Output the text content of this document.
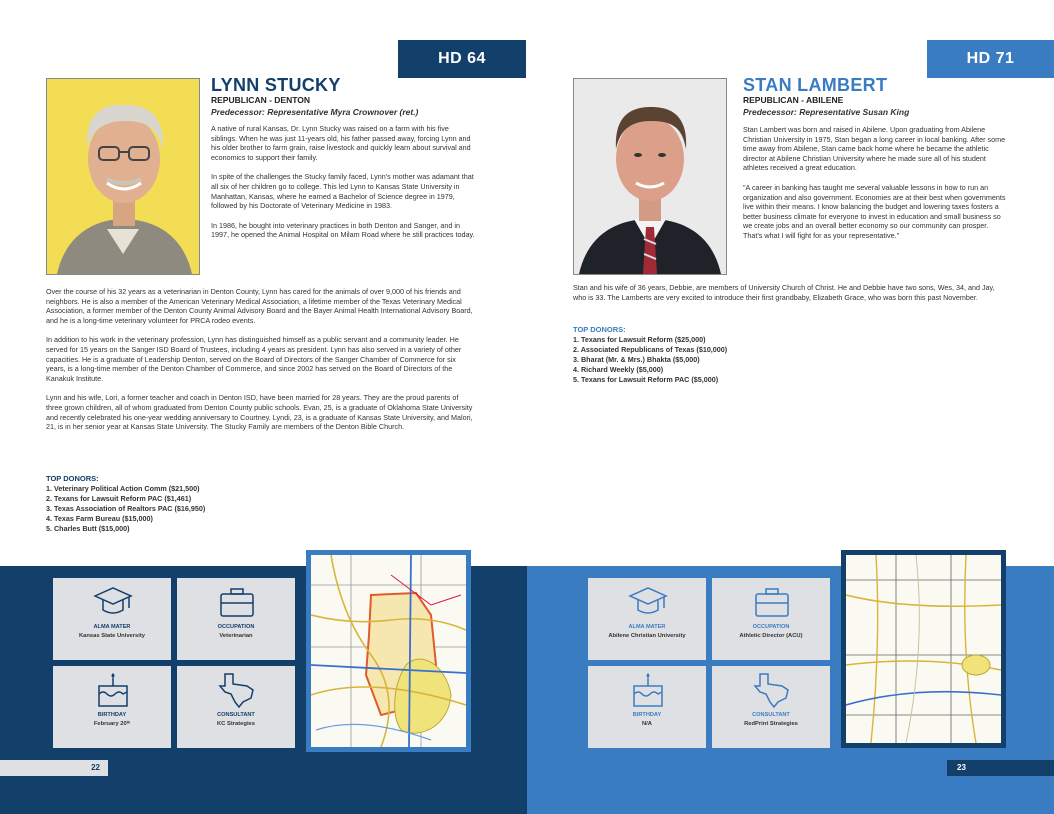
HD 64
LYNN STUCKY
REPUBLICAN - DENTON
Predecessor: Representative Myra Crownover (ret.)

A native of rural Kansas, Dr. Lynn Stucky was raised on a farm with his five siblings. When he was just 11-years old, his father passed away, forcing Lynn and his older brother to farm grain, raise livestock and quickly learn about survival and economics to support their family.

In spite of the challenges the Stucky family faced, Lynn's mother was adamant that all six of her children go to college. This led Lynn to Kansas State University in Manhattan, Kansas, where he earned a Bachelor of Science degree in 1979, followed by his Doctorate of Veterinary Medicine in 1983.

In 1986, he bought into veterinary practices in both Denton and Sanger, and in 1997, he opened the Animal Hospital on Milam Road where he still practices today.

Over the course of his 32 years as a veterinarian in Denton County, Lynn has cared for the animals of over 9,000 of his friends and neighbors. He is also a member of the American Veterinary Medical Association, a lifetime member of the Texas Veterinary Medical Association, a former member of the Denton County Animal Advisory Board and the Bayer Animal Health International Advisory Board, and he is a long-time veterinary volunteer for PRCA rodeo events.

In addition to his work in the veterinary profession, Lynn has distinguished himself as a public servant and a community leader. He served for 15 years on the Sanger ISD Board of Trustees, including 4 years as president. Lynn has also served in a variety of other capacities. He is a graduate of Leadership Denton, served on the Board of Directors of the Sanger Chamber of Commerce for six years, is a long-time member of the Denton Chamber of Commerce, and since 2002 has served on the Board of Directors of the Kanakuk Institute.

Lynn and his wife, Lori, a former teacher and coach in Denton ISD, have been married for 28 years. They are the proud parents of three grown children, all of whom graduated from Denton County public schools. Evan, 25, is a graduate of Oklahoma State University and recently celebrated his one-year wedding anniversary to Courtney. Lyndi, 23, is a graduate of Kansas State University, and Malori, 21, is in her senior year at Kansas State University. The Stucky Family are members of the Denton Bible Church.

TOP DONORS:
1. Veterinary Political Action Comm ($21,500)
2. Texans for Lawsuit Reform PAC ($1,461)
3. Texas Association of Realtors PAC ($16,950)
4. Texas Farm Bureau ($15,000)
5. Charles Butt ($15,000)
ALMA MATER
Kansas State University
OCCUPATION
Veterinarian
BIRTHDAY
February 20ᵗʰ
CONSULTANT
KC Strategies
22
HD 71
STAN LAMBERT
REPUBLICAN - ABILENE
Predecessor: Representative Susan King

Stan Lambert was born and raised in Abilene. Upon graduating from Abilene Christian University in 1975, Stan began a long career in local banking. After some time away from Abilene, Stan came back home where he became the athletic director at Abilene Christian University where he made sure all of his student athletes received a great education.

"A career in banking has taught me several valuable lessons in how to run an organization and also government. Economies are at their best when governments live within their means. I know balancing the budget and lowering taxes fosters a better business climate for everyone to invest in education and small business so we create jobs and an overall better economy so our community can prosper. That's what I will fight for as your representative."

Stan and his wife of 36 years, Debbie, are members of University Church of Christ. He and Debbie have two sons, Wes, 34, and Jay, who is 33. The Lamberts are very excited to introduce their first grandbaby, Elizabeth Grace, who was born this past November.

TOP DONORS:
1. Texans for Lawsuit Reform ($25,000)
2. Associated Republicans of Texas ($10,000)
3. Bharat (Mr. & Mrs.) Bhakta ($5,000)
4. Richard Weekly ($5,000)
5. Texans for Lawsuit Reform PAC ($5,000)
ALMA MATER
Abilene Christian University
OCCUPATION
Athletic Director (ACU)
BIRTHDAY
N/A
CONSULTANT
RedPrint Strategies
23
